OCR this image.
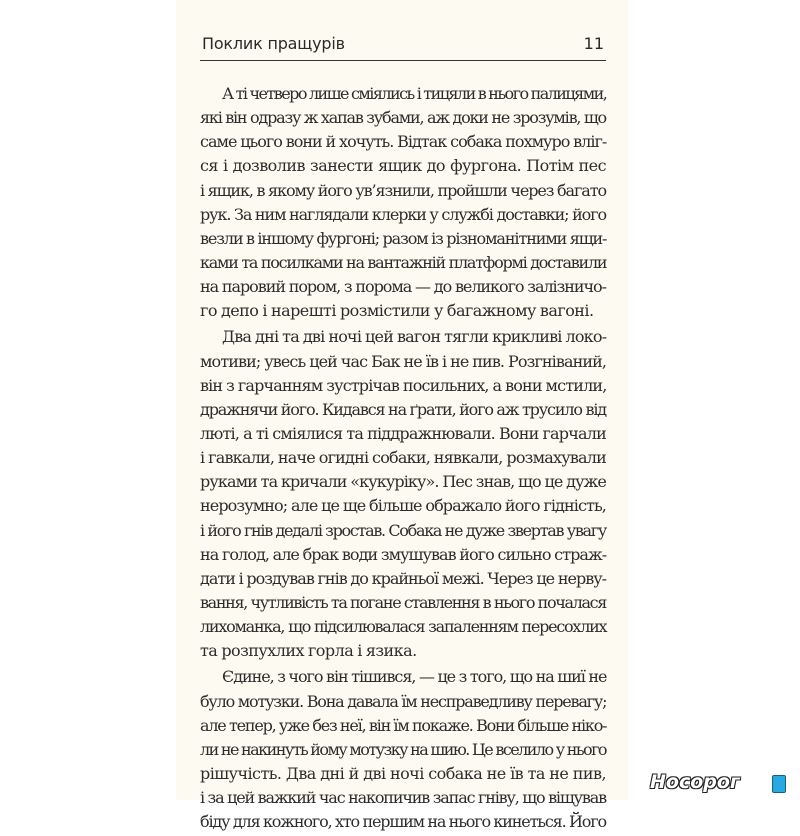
Поклик пращурів	11
А ті четверо лише сміялись і тицяли в нього палицями,
які він одразу ж хапав зубами, аж доки не зрозумів, що
саме цього вони й хочуть. Відтак собака похмуро вліг-
ся і дозволив занести ящик до фургона. Потім пес
і ящик, в якому його ув’язнили, пройшли через багато
рук. За ним наглядали клерки у службі доставки; його
везли в іншому фургоні; разом із різноманітними ящи-
ками та посилками на вантажній платформі доставили
на паровий пором, з порома — до великого залізничо-
го депо і нарешті розмістили у багажному вагоні.
Два дні та дві ночі цей вагон тягли крикливі локо-
мотиви; увесь цей час Бак не їв і не пив. Розгніваний,
він з гарчанням зустрічав посильних, а вони мстили,
дражнячи його. Кидався на ґрати, його аж трусило від
люті, а ті сміялися та піддражнювали. Вони гарчали
і гавкали, наче огидні собаки, нявкали, розмахували
руками та кричали «кукуріку». Пес знав, що це дуже
нерозумно; але це ще більше ображало його гідність,
і його гнів дедалі зростав. Собака не дуже звертав увагу
на голод, але брак води змушував його сильно страж-
дати і роздував гнів до крайньої межі. Через це нерву-
вання, чутливість та погане ставлення в нього почалася
лихоманка, що підсилювалася запаленням пересохлих
та розпухлих горла і язика.
Єдине, з чого він тішився, — це з того, що на шиї не
було мотузки. Вона давала їм несправедливу перевагу;
але тепер, уже без неї, він їм покаже. Вони більше ніко-
ли не накинуть йому мотузку на шию. Це вселило у нього
рішучість. Два дні й дві ночі собака не їв та не пив,
і за цей важкий час накопичив запас гніву, що віщував
біду для кожного, хто першим на нього кинеться. Його
Носорог
